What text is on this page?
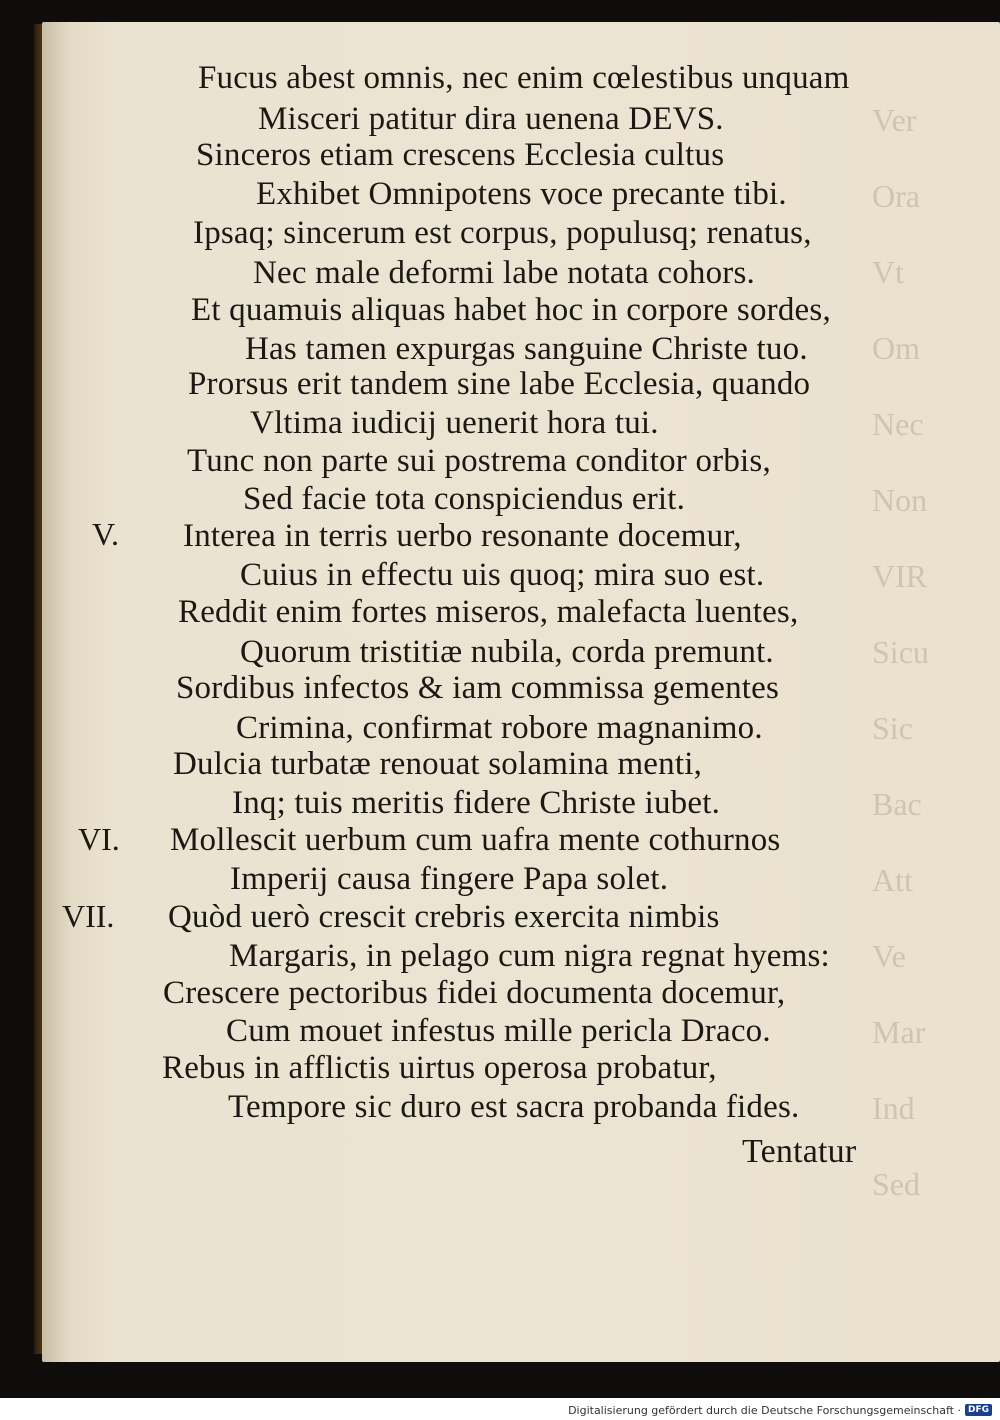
Ver
Ora
Vt
Om
Nec
Non
VIR
Sicu
Sic
Bac
Att
Ve
Mar
Ind
Sed
Fucus abest omnis, nec enim cœlestibus unquam
Misceri patitur dira uenena DEVS.
Sinceros etiam crescens Ecclesia cultus
Exhibet Omnipotens voce precante tibi.
Ipsaq; sincerum est corpus, populusq; renatus,
Nec male deformi labe notata cohors.
Et quamuis aliquas habet hoc in corpore sordes,
Has tamen expurgas sanguine Christe tuo.
Prorsus erit tandem sine labe Ecclesia, quando
Vltima iudicij uenerit hora tui.
Tunc non parte sui postrema conditor orbis,
Sed facie tota conspiciendus erit.
Interea in terris uerbo resonante docemur,
Cuius in effectu uis quoq; mira suo est.
Reddit enim fortes miseros, malefacta luentes,
Quorum tristitiæ nubila, corda premunt.
Sordibus infectos & iam commissa gementes
Crimina, confirmat robore magnanimo.
Dulcia turbatæ renouat solamina menti,
Inq; tuis meritis fidere Christe iubet.
Mollescit uerbum cum uafra mente cothurnos
Imperij causa fingere Papa solet.
Quòd uerò crescit crebris exercita nimbis
Margaris, in pelago cum nigra regnat hyems:
Crescere pectoribus fidei documenta docemur,
Cum mouet infestus mille pericla Draco.
Rebus in afflictis uirtus operosa probatur,
Tempore sic duro est sacra probanda fides.
Tentatur
V.
VI.
VII.
Digitalisierung gefördert durch die Deutsche Forschungsgemeinschaft · DFG
